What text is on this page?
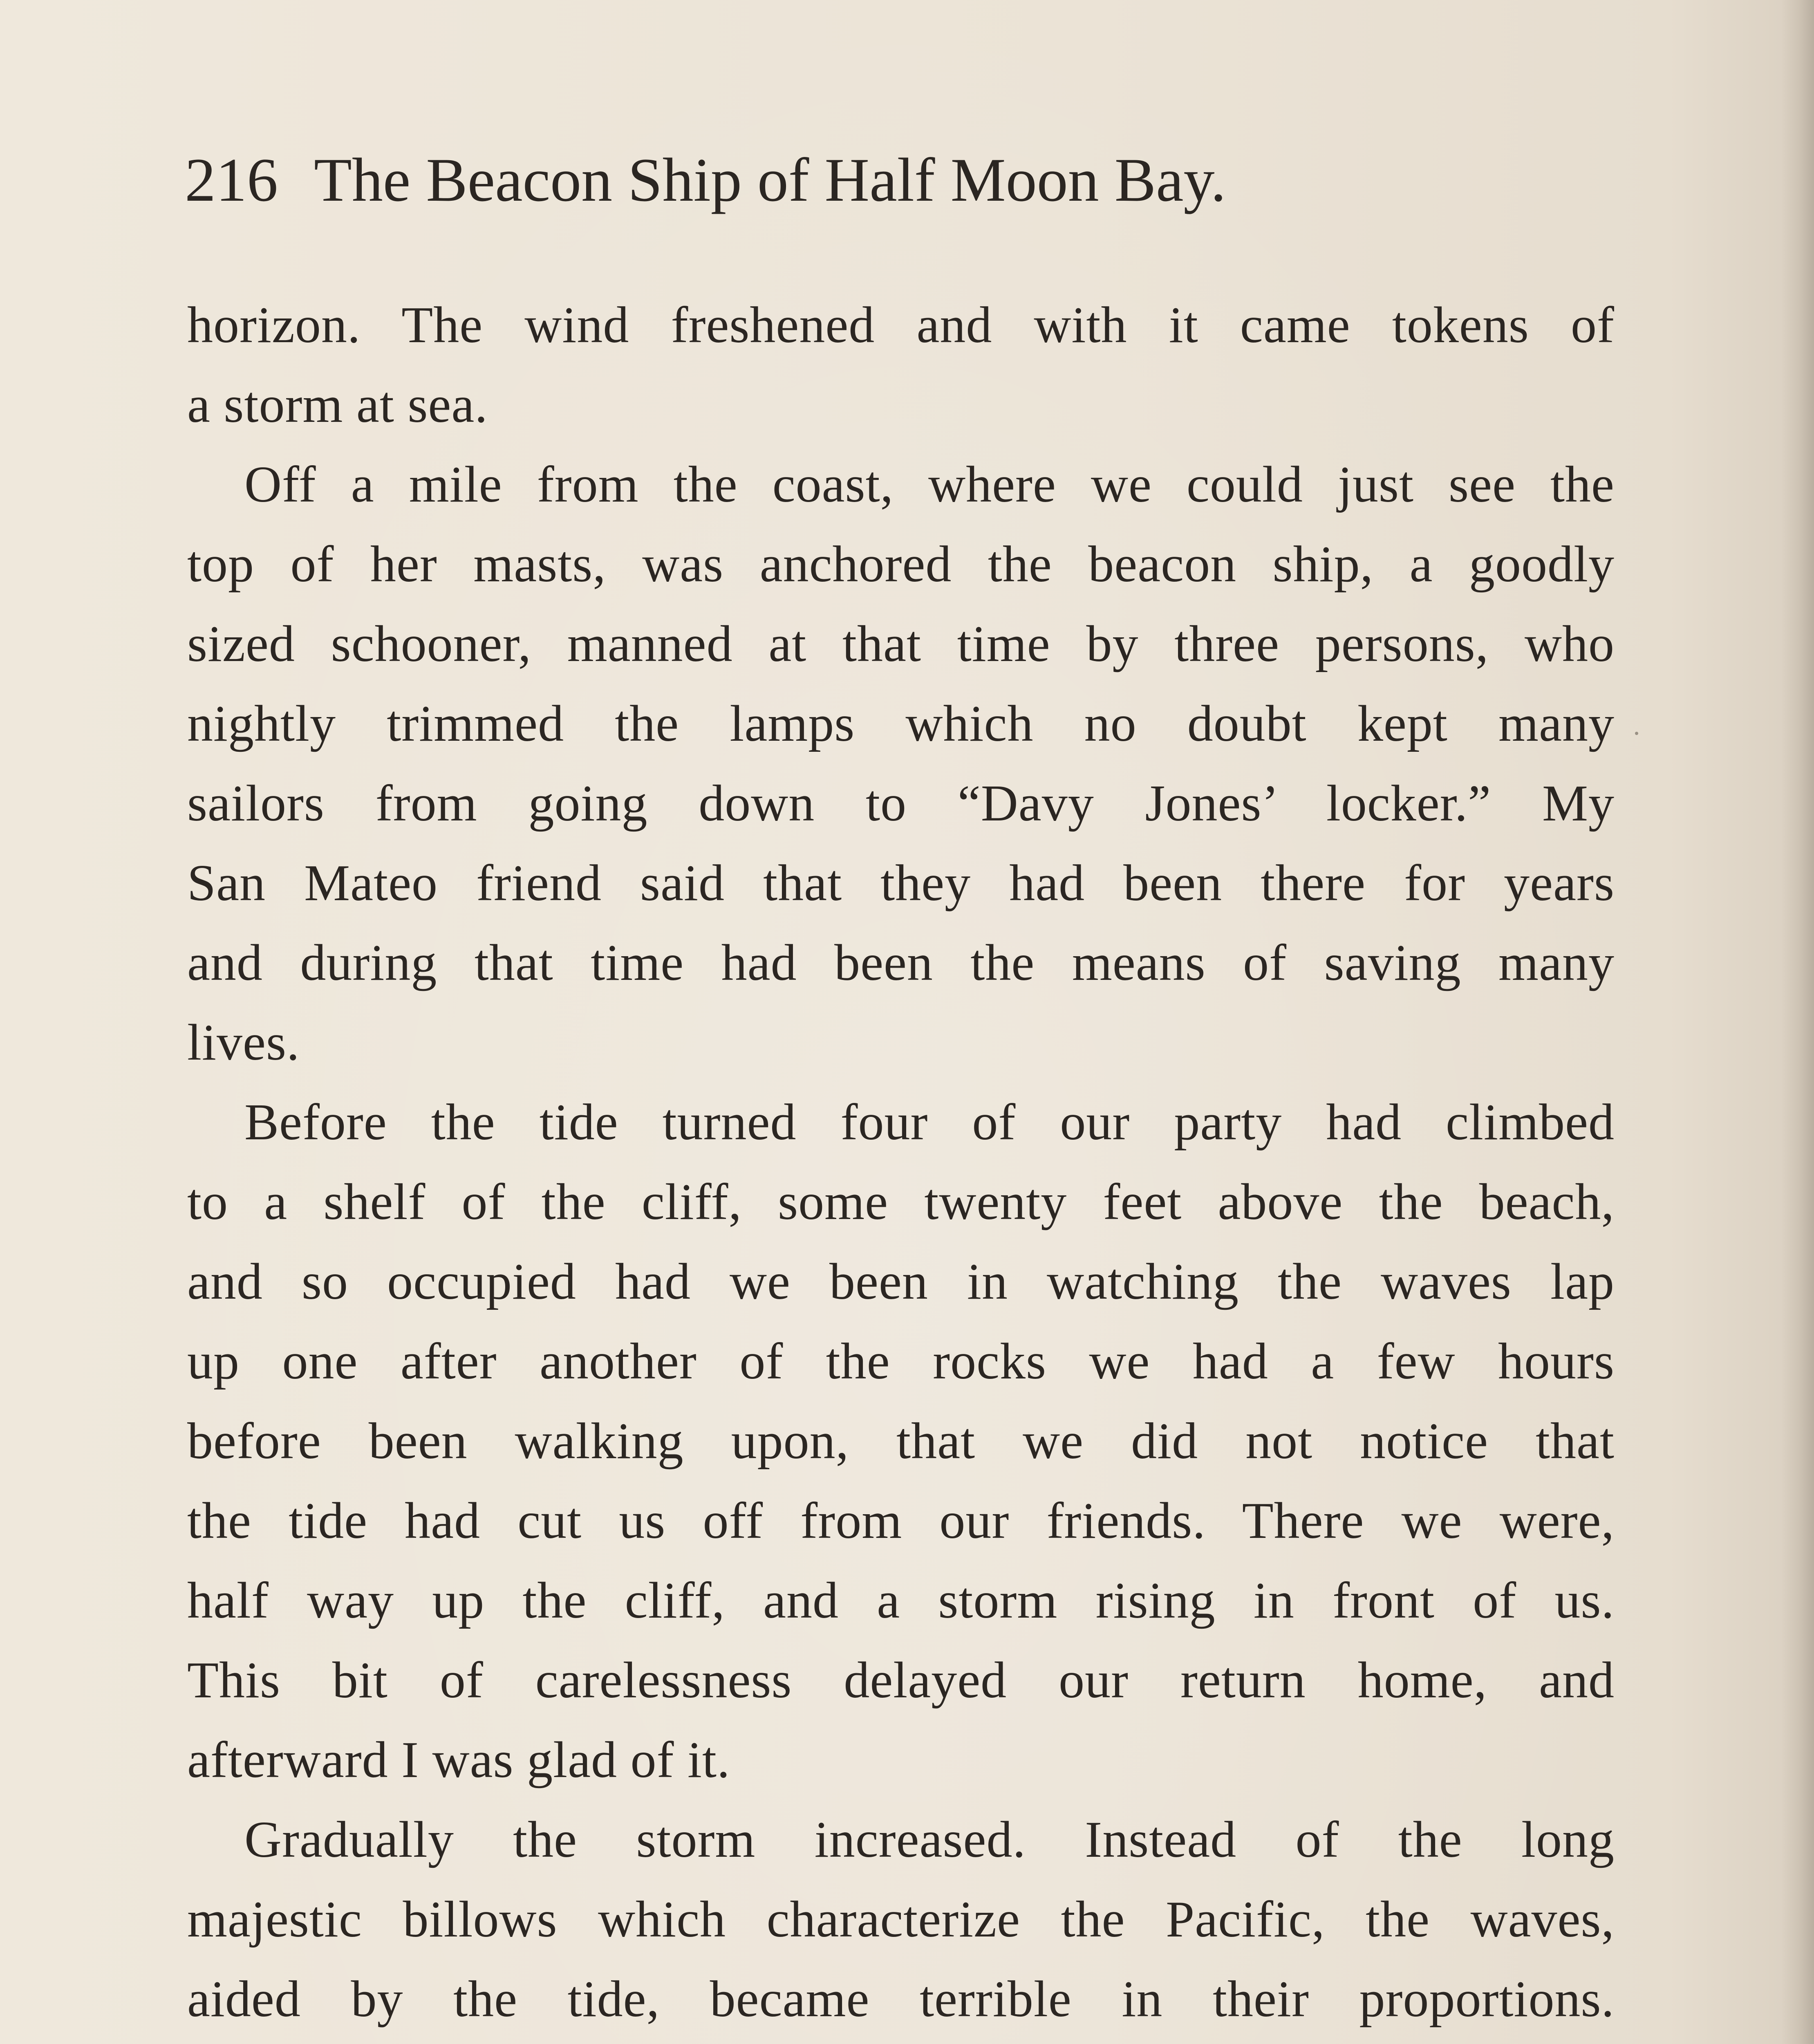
216 The Beacon Ship of Half Moon Bay.
horizon. The wind freshened and with it came tokens of
a storm at sea.
Off a mile from the coast, where we could just see the
top of her masts, was anchored the beacon ship, a goodly
sized schooner, manned at that time by three persons, who
nightly trimmed the lamps which no doubt kept many
sailors from going down to “Davy Jones’ locker.” My
San Mateo friend said that they had been there for years
and during that time had been the means of saving many
lives.
Before the tide turned four of our party had climbed
to a shelf of the cliff, some twenty feet above the beach,
and so occupied had we been in watching the waves lap
up one after another of the rocks we had a few hours
before been walking upon, that we did not notice that
the tide had cut us off from our friends. There we were,
half way up the cliff, and a storm rising in front of us.
This bit of carelessness delayed our return home, and
afterward I was glad of it.
Gradually the storm increased. Instead of the long
majestic billows which characterize the Pacific, the waves,
aided by the tide, became terrible in their proportions.
